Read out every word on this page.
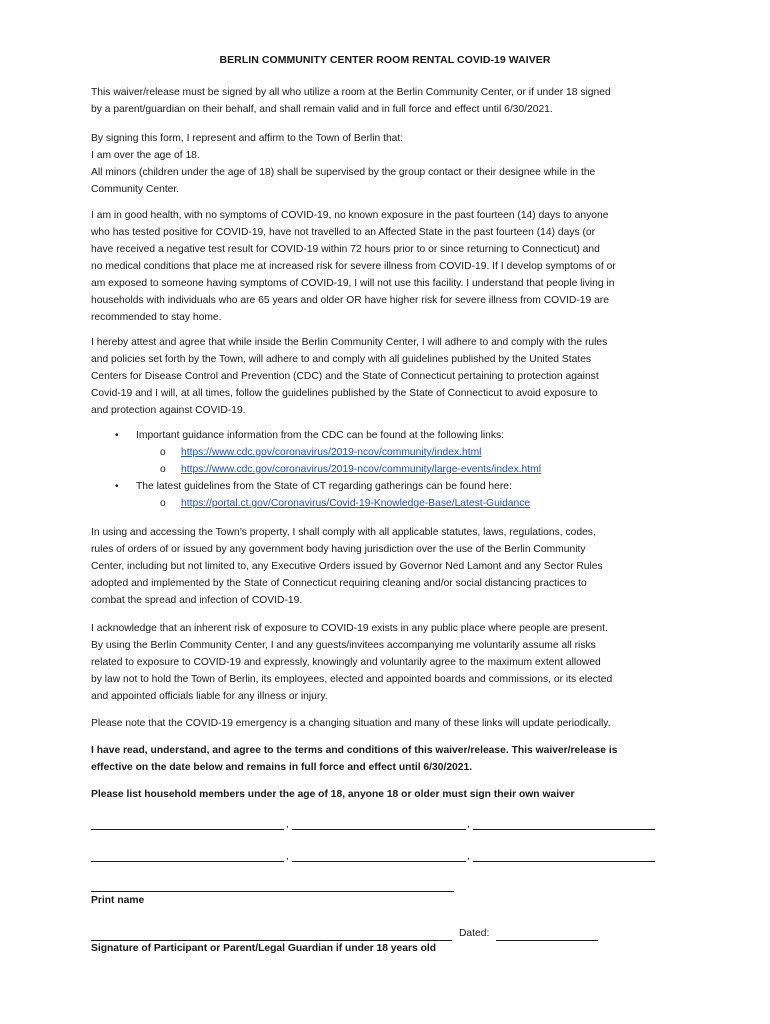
BERLIN COMMUNITY CENTER ROOM RENTAL COVID-19 WAIVER

This waiver/release must be signed by all who utilize a room at the Berlin Community Center, or if under 18 signed
by a parent/guardian on their behalf, and shall remain valid and in full force and effect until 6/30/2021.

By signing this form, I represent and affirm to the Town of Berlin that:
I am over the age of 18.
All minors (children under the age of 18) shall be supervised by the group contact or their designee while in the
Community Center.

I am in good health, with no symptoms of COVID-19, no known exposure in the past fourteen (14) days to anyone
who has tested positive for COVID-19, have not travelled to an Affected State in the past fourteen (14) days (or
have received a negative test result for COVID-19 within 72 hours prior to or since returning to Connecticut) and
no medical conditions that place me at increased risk for severe illness from COVID-19. If I develop symptoms of or
am exposed to someone having symptoms of COVID-19, I will not use this facility. I understand that people living in
households with individuals who are 65 years and older OR have higher risk for severe illness from COVID-19 are
recommended to stay home.

I hereby attest and agree that while inside the Berlin Community Center, I will adhere to and comply with the rules
and policies set forth by the Town, will adhere to and comply with all guidelines published by the United States
Centers for Disease Control and Prevention (CDC) and the State of Connecticut pertaining to protection against
Covid-19 and I will, at all times, follow the guidelines published by the State of Connecticut to avoid exposure to
and protection against COVID-19.

• Important guidance information from the CDC can be found at the following links:
o https://www.cdc.gov/coronavirus/2019-ncov/community/index.html
o https://www.cdc.gov/coronavirus/2019-ncov/community/large-events/index.html
• The latest guidelines from the State of CT regarding gatherings can be found here:
o https://portal.ct.gov/Coronavirus/Covid-19-Knowledge-Base/Latest-Guidance

In using and accessing the Town’s property, I shall comply with all applicable statutes, laws, regulations, codes,
rules of orders of or issued by any government body having jurisdiction over the use of the Berlin Community
Center, including but not limited to, any Executive Orders issued by Governor Ned Lamont and any Sector Rules
adopted and implemented by the State of Connecticut requiring cleaning and/or social distancing practices to
combat the spread and infection of COVID-19.

I acknowledge that an inherent risk of exposure to COVID-19 exists in any public place where people are present.
By using the Berlin Community Center, I and any guests/invitees accompanying me voluntarily assume all risks
related to exposure to COVID-19 and expressly, knowingly and voluntarily agree to the maximum extent allowed
by law not to hold the Town of Berlin, its employees, elected and appointed boards and commissions, or its elected
and appointed officials liable for any illness or injury.

Please note that the COVID-19 emergency is a changing situation and many of these links will update periodically.

I have read, understand, and agree to the terms and conditions of this waiver/release. This waiver/release is
effective on the date below and remains in full force and effect until 6/30/2021.

Please list household members under the age of 18, anyone 18 or older must sign their own waiver

,	,
,	,
Print name
Dated:
Signature of Participant or Parent/Legal Guardian if under 18 years old
